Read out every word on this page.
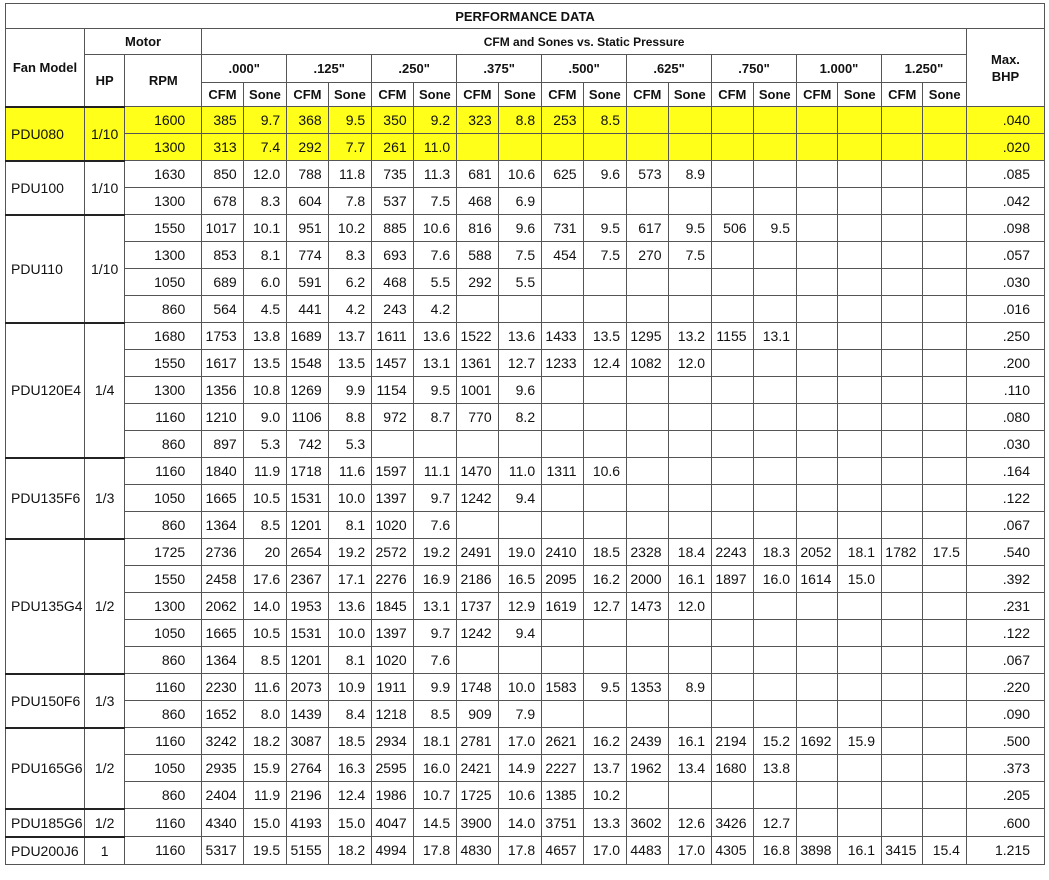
PERFORMANCE DATA																					
Fan Model	Motor		CFM and Sones vs. Static Pressure																		Max. BHP
	HP	RPM	.000"		.125"		.250"		.375"		.500"		.625"		.750"		1.000"		1.250"		
			CFM	Sone	CFM	Sone	CFM	Sone	CFM	Sone	CFM	Sone	CFM	Sone	CFM	Sone	CFM	Sone	CFM	Sone	
PDU080	1/10	1600	385	9.7	368	9.5	350	9.2	323	8.8	253	8.5									.040
		1300	313	7.4	292	7.7	261	11.0													.020
PDU100	1/10	1630	850	12.0	788	11.8	735	11.3	681	10.6	625	9.6	573	8.9							.085
		1300	678	8.3	604	7.8	537	7.5	468	6.9											.042
PDU110	1/10	1550	1017	10.1	951	10.2	885	10.6	816	9.6	731	9.5	617	9.5	506	9.5					.098
		1300	853	8.1	774	8.3	693	7.6	588	7.5	454	7.5	270	7.5							.057
		1050	689	6.0	591	6.2	468	5.5	292	5.5											.030
		860	564	4.5	441	4.2	243	4.2													.016
PDU120E4	1/4	1680	1753	13.8	1689	13.7	1611	13.6	1522	13.6	1433	13.5	1295	13.2	1155	13.1					.250
		1550	1617	13.5	1548	13.5	1457	13.1	1361	12.7	1233	12.4	1082	12.0							.200
		1300	1356	10.8	1269	9.9	1154	9.5	1001	9.6											.110
		1160	1210	9.0	1106	8.8	972	8.7	770	8.2											.080
		860	897	5.3	742	5.3															.030
PDU135F6	1/3	1160	1840	11.9	1718	11.6	1597	11.1	1470	11.0	1311	10.6									.164
		1050	1665	10.5	1531	10.0	1397	9.7	1242	9.4											.122
		860	1364	8.5	1201	8.1	1020	7.6													.067
PDU135G4	1/2	1725	2736	20	2654	19.2	2572	19.2	2491	19.0	2410	18.5	2328	18.4	2243	18.3	2052	18.1	1782	17.5	.540
		1550	2458	17.6	2367	17.1	2276	16.9	2186	16.5	2095	16.2	2000	16.1	1897	16.0	1614	15.0			.392
		1300	2062	14.0	1953	13.6	1845	13.1	1737	12.9	1619	12.7	1473	12.0							.231
		1050	1665	10.5	1531	10.0	1397	9.7	1242	9.4											.122
		860	1364	8.5	1201	8.1	1020	7.6													.067
PDU150F6	1/3	1160	2230	11.6	2073	10.9	1911	9.9	1748	10.0	1583	9.5	1353	8.9							.220
		860	1652	8.0	1439	8.4	1218	8.5	909	7.9											.090
PDU165G6	1/2	1160	3242	18.2	3087	18.5	2934	18.1	2781	17.0	2621	16.2	2439	16.1	2194	15.2	1692	15.9			.500
		1050	2935	15.9	2764	16.3	2595	16.0	2421	14.9	2227	13.7	1962	13.4	1680	13.8					.373
		860	2404	11.9	2196	12.4	1986	10.7	1725	10.6	1385	10.2									.205
PDU185G6	1/2	1160	4340	15.0	4193	15.0	4047	14.5	3900	14.0	3751	13.3	3602	12.6	3426	12.7					.600
PDU200J6	1	1160	5317	19.5	5155	18.2	4994	17.8	4830	17.8	4657	17.0	4483	17.0	4305	16.8	3898	16.1	3415	15.4	1.215
